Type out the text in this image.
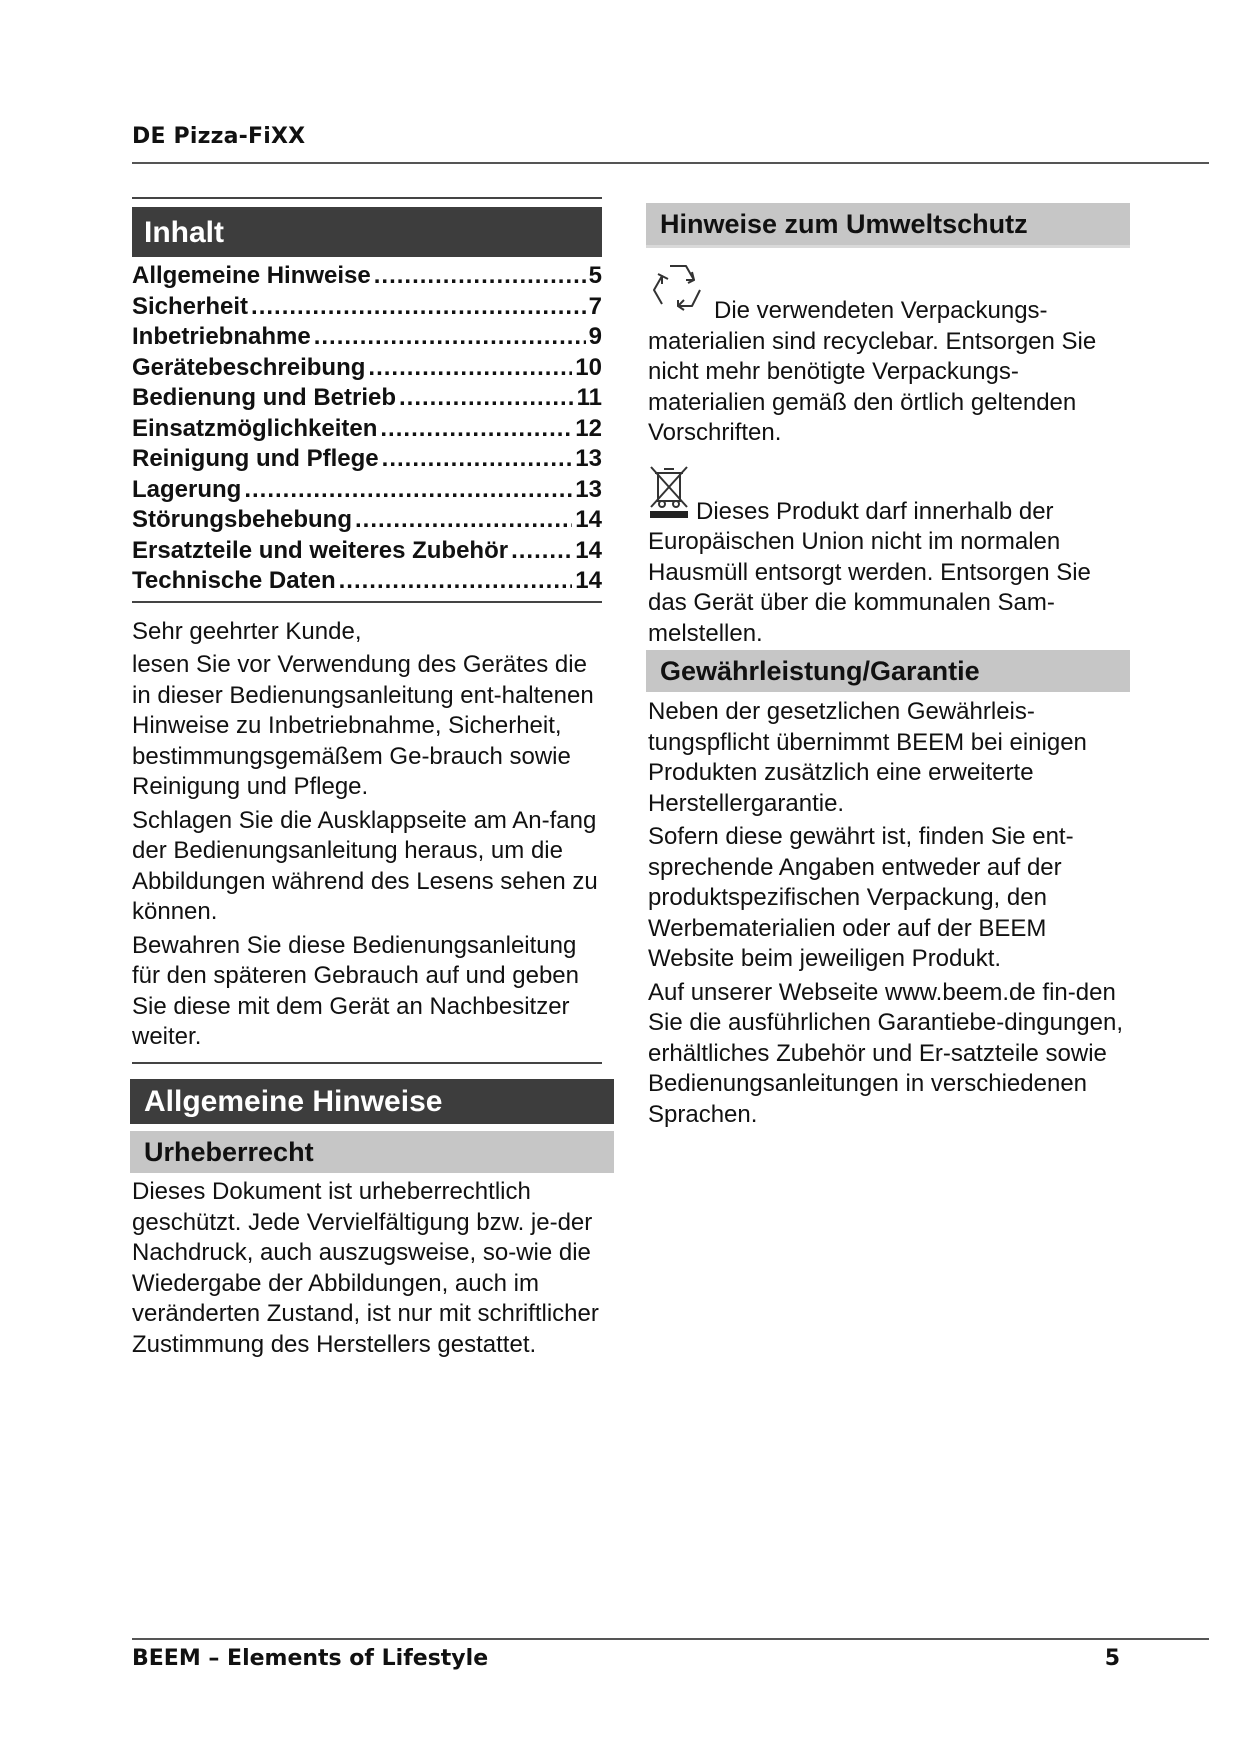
DE Pizza-FiXX
Inhalt
Allgemeine Hinweise .....	5
Sicherheit .....	7
Inbetriebnahme .....	9
Gerätebeschreibung .....	10
Bedienung und Betrieb .....	11
Einsatzmöglichkeiten .....	12
Reinigung und Pflege .....	13
Lagerung .....	13
Störungsbehebung .....	14
Ersatzteile und weiteres Zubehör .....	14
Technische Daten .....	14

Sehr geehrter Kunde,

lesen Sie vor Verwendung des Gerätes die in dieser Bedienungsanleitung ent-haltenen Hinweise zu Inbetriebnahme, Sicherheit, bestimmungsgemäßem Ge-brauch sowie Reinigung und Pflege.

Schlagen Sie die Ausklappseite am An-fang der Bedienungsanleitung heraus, um die Abbildungen während des Lesens sehen zu können.

Bewahren Sie diese Bedienungsanleitung für den späteren Gebrauch auf und geben Sie diese mit dem Gerät an Nachbesitzer weiter.

Allgemeine Hinweise
Urheberrecht

Dieses Dokument ist urheberrechtlich geschützt. Jede Vervielfältigung bzw. je-der Nachdruck, auch auszugsweise, so-wie die Wiedergabe der Abbildungen, auch im veränderten Zustand, ist nur mit schriftlicher Zustimmung des Herstellers gestattet.

Hinweise zum Umweltschutz
Die verwendeten Verpackungs-materialien sind recyclebar. Entsorgen Sie nicht mehr benötigte Verpackungs-materialien gemäß den örtlich geltenden Vorschriften.
Dieses Produkt darf innerhalb der Europäischen Union nicht im normalen Hausmüll entsorgt werden. Entsorgen Sie das Gerät über die kommunalen Sam-melstellen.
Gewährleistung/Garantie

Neben der gesetzlichen Gewährleis-tungspflicht übernimmt BEEM bei einigen Produkten zusätzlich eine erweiterte Herstellergarantie.

Sofern diese gewährt ist, finden Sie ent-sprechende Angaben entweder auf der produktspezifischen Verpackung, den Werbematerialien oder auf der BEEM Website beim jeweiligen Produkt.

Auf unserer Webseite www.beem.de fin-den Sie die ausführlichen Garantiebe-dingungen, erhältliches Zubehör und Er-satzteile sowie Bedienungsanleitungen in verschiedenen Sprachen.

BEEM – Elements of Lifestyle	5
